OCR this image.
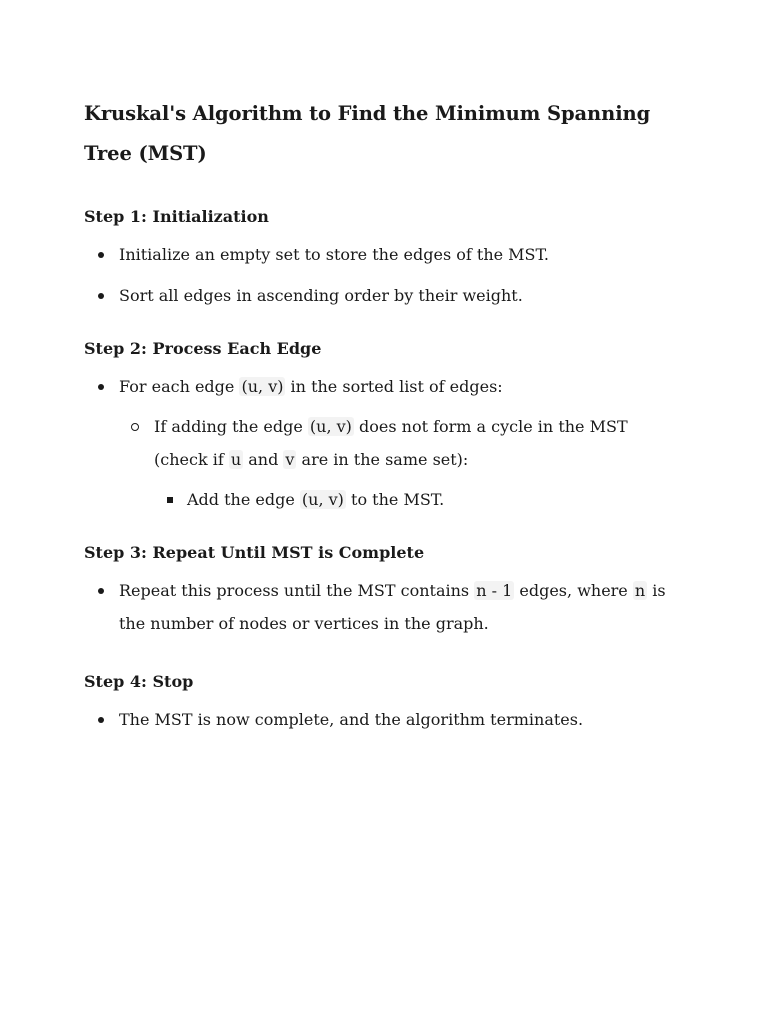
Kruskal's Algorithm to Find the Minimum Spanning Tree (MST)
Step 1: Initialization
Initialize an empty set to store the edges of the MST.
Sort all edges in ascending order by their weight.
Step 2: Process Each Edge
For each edge (u, v) in the sorted list of edges:
If adding the edge (u, v) does not form a cycle in the MST (check if u and v are in the same set):
Add the edge (u, v) to the MST.
Step 3: Repeat Until MST is Complete
Repeat this process until the MST contains n - 1 edges, where n is the number of nodes or vertices in the graph.
Step 4: Stop
The MST is now complete, and the algorithm terminates.
